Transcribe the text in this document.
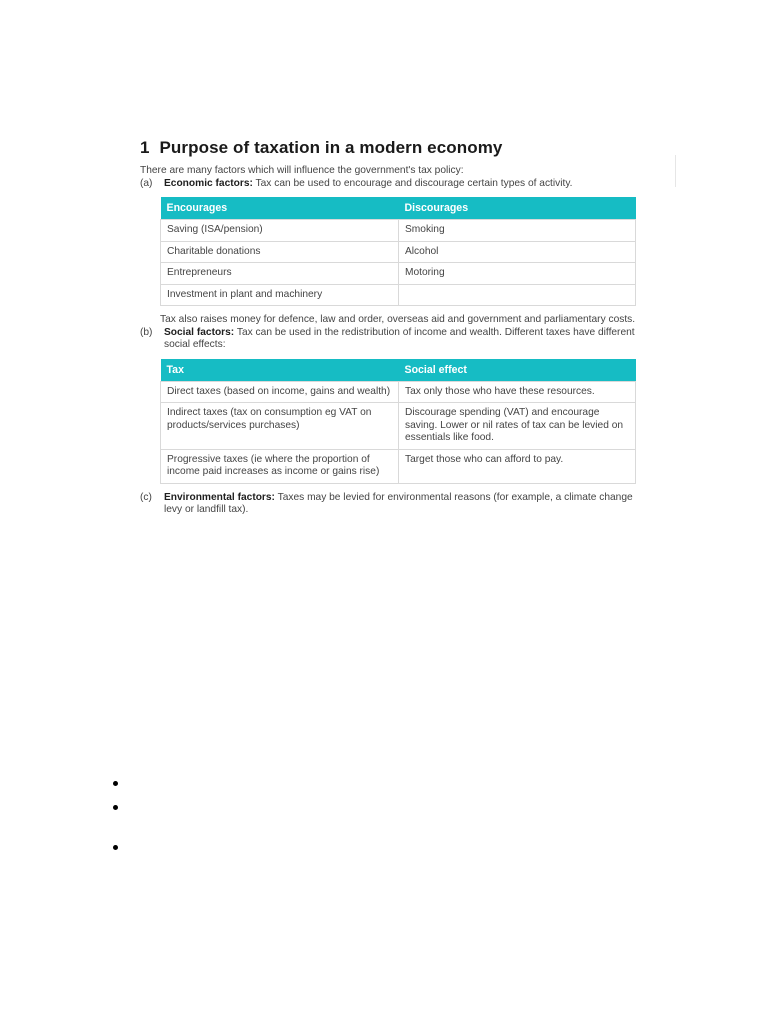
1 Purpose of taxation in a modern economy

There are many factors which will influence the government's tax policy:

(a)	Economic factors: Tax can be used to encourage and discourage certain types of activity.
Encourages	Discourages
Saving (ISA/pension)	Smoking
Charitable donations	Alcohol
Entrepreneurs	Motoring
Investment in plant and machinery	

Tax also raises money for defence, law and order, overseas aid and government and parliamentary costs.

(b)	Social factors: Tax can be used in the redistribution of income and wealth. Different taxes have different social effects:
Tax	Social effect
Direct taxes (based on income, gains and wealth)	Tax only those who have these resources.
Indirect taxes (tax on consumption eg VAT on products/services purchases)	Discourage spending (VAT) and encourage saving. Lower or nil rates of tax can be levied on essentials like food.
Progressive taxes (ie where the proportion of income paid increases as income or gains rise)	Target those who can afford to pay.
(c)	Environmental factors: Taxes may be levied for environmental reasons (for example, a climate change levy or landfill tax).
